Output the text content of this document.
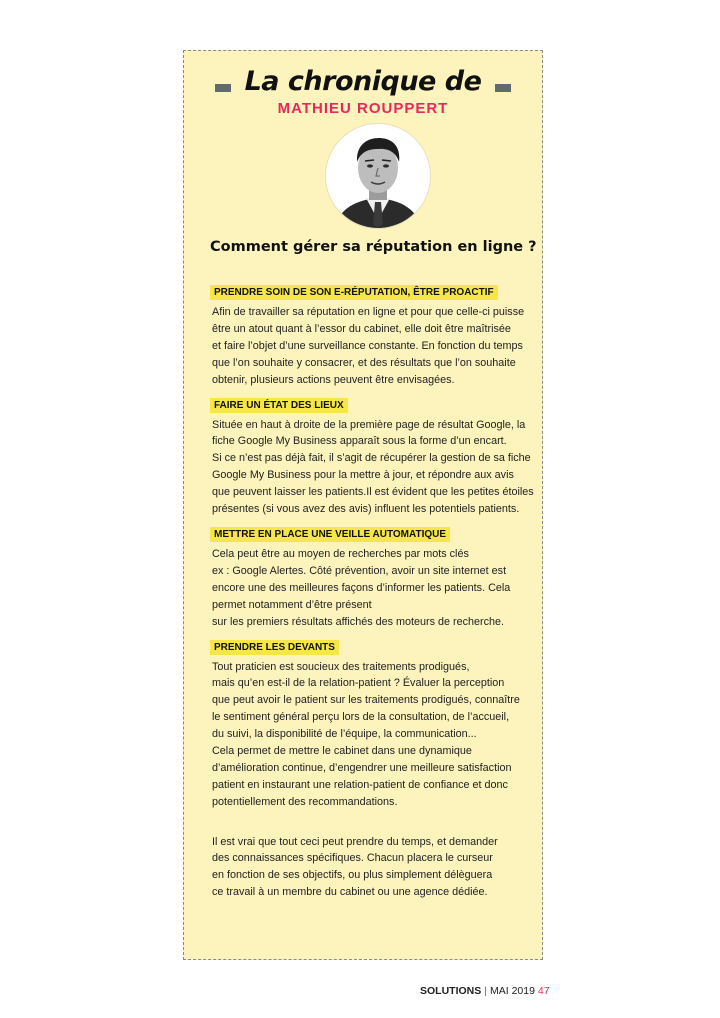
La chronique de
MATHIEU ROUPPERT
Comment gérer sa réputation en ligne ?
PRENDRE SOIN DE SON E-RÉPUTATION, ÊTRE PROACTIF
Afin de travailler sa réputation en ligne et pour que celle-ci puisse
être un atout quant à l’essor du cabinet, elle doit être maîtrisée
et faire l’objet d’une surveillance constante. En fonction du temps
que l’on souhaite y consacrer, et des résultats que l’on souhaite
obtenir, plusieurs actions peuvent être envisagées.
FAIRE UN ÉTAT DES LIEUX
Située en haut à droite de la première page de résultat Google, la
fiche Google My Business apparaît sous la forme d’un encart.
Si ce n’est pas déjà fait, il s’agit de récupérer la gestion de sa fiche
Google My Business pour la mettre à jour, et répondre aux avis
que peuvent laisser les patients.Il est évident que les petites étoiles
présentes (si vous avez des avis) influent les potentiels patients.
METTRE EN PLACE UNE VEILLE AUTOMATIQUE
Cela peut être au moyen de recherches par mots clés
ex : Google Alertes. Côté prévention, avoir un site internet est
encore une des meilleures façons d’informer les patients. Cela
permet notamment d’être présent
sur les premiers résultats affichés des moteurs de recherche.
PRENDRE LES DEVANTS
Tout praticien est soucieux des traitements prodigués,
mais qu’en est-il de la relation-patient ? Évaluer la perception
que peut avoir le patient sur les traitements prodigués, connaître
le sentiment général perçu lors de la consultation, de l’accueil,
du suivi, la disponibilité de l’équipe, la communication...
Cela permet de mettre le cabinet dans une dynamique
d’amélioration continue, d’engendrer une meilleure satisfaction
patient en instaurant une relation-patient de confiance et donc
potentiellement des recommandations.
Il est vrai que tout ceci peut prendre du temps, et demander
des connaissances spécifiques. Chacun placera le curseur
en fonction de ses objectifs, ou plus simplement délèguera
ce travail à un membre du cabinet ou une agence dédiée.
SOLUTIONS | MAI 2019 47
